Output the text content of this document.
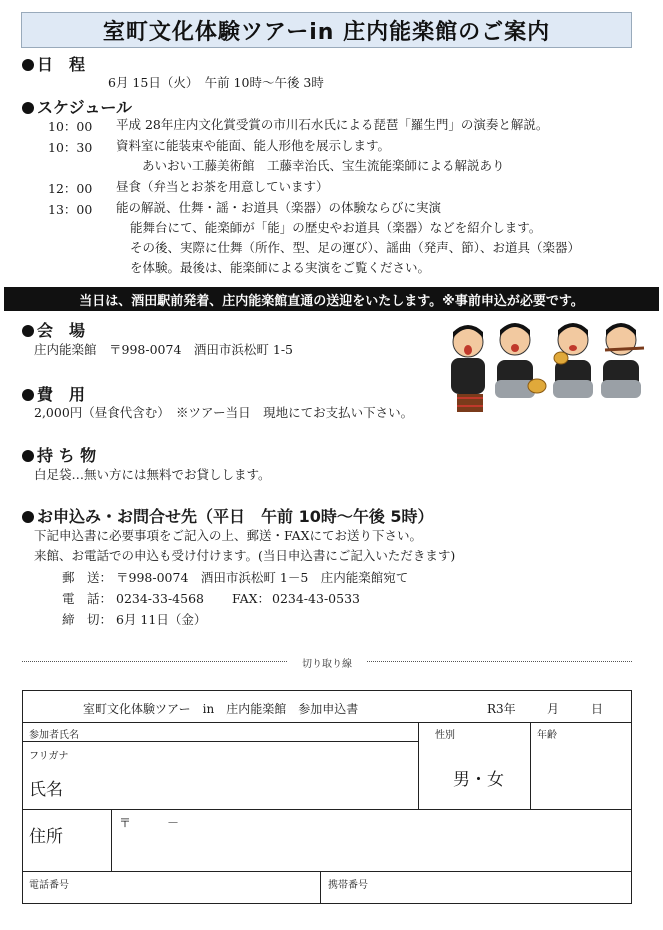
室町文化体験ツアーin 庄内能楽館のご案内
日　程
6月 15日（火）　午前 10時～午後 3時
スケジュール
10：00 平成 28年庄内文化賞受賞の市川石水氏による琵琶「羅生門」の演奏と解説。
10：30 資料室に能装束や能面、能人形他を展示します。
あいおい工藤美術館　工藤幸治氏、宝生流能楽師による解説あり
12：00 昼食（弁当とお茶を用意しています）
13：00 能の解説、仕舞・謡・お道具（楽器）の体験ならびに実演
能舞台にて、能楽師が「能」の歴史やお道具（楽器）などを紹介します。
その後、実際に仕舞（所作、型、足の運び）、謡曲（発声、節）、お道具（楽器）
を体験。最後は、能楽師による実演をご覧ください。
当日は、酒田駅前発着、庄内能楽館直通の送迎をいたします。※事前申込が必要です。
会　場
庄内能楽館　〒998-0074　酒田市浜松町 1-5
費　用
2,000円（昼食代含む）　※ツアー当日　現地にてお支払い下さい。
持 ち 物
白足袋…無い方には無料でお貸しします。
お申込み・お問合せ先（平日　午前 10時～午後 5時）
下記申込書に必要事項をご記入の上、郵送・FAXにてお送り下さい。
来館、お電話での申込も受け付けます。(当日申込書にご記入いただきます)
郵　送： 〒998-0074　酒田市浜松町 1－5　庄内能楽館宛て
電　話： 0234-33-4568 FAX： 0234-43-0533
締　切： 6月 11日（金）
切り取り線
室町文化体験ツアー　in　庄内能楽館　参加申込書	R3年	月	日
参加者氏名
フリガナ
氏名
性別
男・女
年齢
住所
〒　　　－
電話番号	携帯番号
